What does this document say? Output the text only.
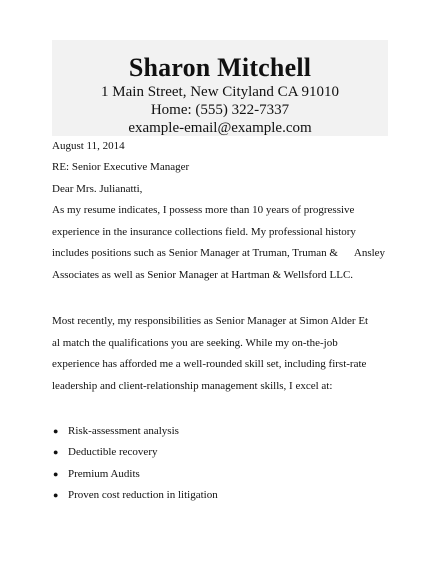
Sharon Mitchell
1 Main Street, New Cityland CA 91010
Home: (555) 322-7337
example-email@example.com
August 11, 2014
RE: Senior Executive Manager
Dear Mrs. Julianatti,
As my resume indicates, I possess more than 10 years of progressive
experience in the insurance collections field. My professional history
includes positions such as Senior Manager at Truman, Truman &      Ansley
Associates as well as Senior Manager at Hartman & Wellsford LLC.
Most recently, my responsibilities as Senior Manager at Simon Alder Et
al match the qualifications you are seeking. While my on-the-job
experience has afforded me a well-rounded skill set, including first-rate
leadership and client-relationship management skills, I excel at:
● Risk-assessment analysis
● Deductible recovery
● Premium Audits
● Proven cost reduction in litigation
